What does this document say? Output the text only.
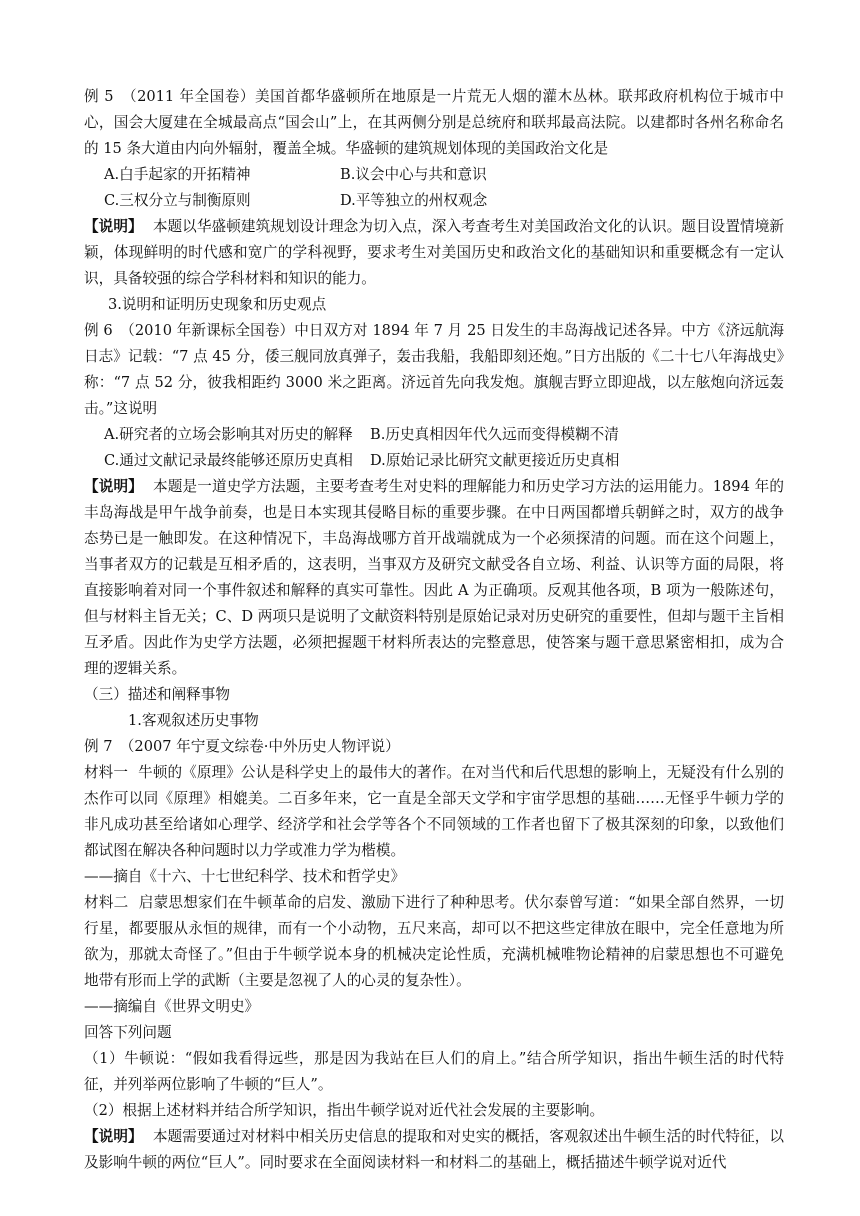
例 5　（2011 年全国卷）美国首都华盛顿所在地原是一片荒无人烟的灌木丛林。联邦政府机构位于城市中心，国会大厦建在全城最高点“国会山”上，在其两侧分别是总统府和联邦最高法院。以建都时各州名称命名的 15 条大道由内向外辐射，覆盖全城。华盛顿的建筑规划体现的美国政治文化是

A.白手起家的开拓精神	B.议会中心与共和意识
C.三权分立与制衡原则	D.平等独立的州权观念

【说明】 本题以华盛顿建筑规划设计理念为切入点，深入考查考生对美国政治文化的认识。题目设置情境新颖，体现鲜明的时代感和宽广的学科视野，要求考生对美国历史和政治文化的基础知识和重要概念有一定认识，具备较强的综合学科材料和知识的能力。

3.说明和证明历史现象和历史观点

例 6　（2010 年新课标全国卷）中日双方对 1894 年 7 月 25 日发生的丰岛海战记述各异。中方《济远航海日志》记载：“7 点 45 分，倭三舰同放真弹子，轰击我船，我船即刻还炮。”日方出版的《二十七八年海战史》称：“7 点 52 分，彼我相距约 3000 米之距离。济远首先向我发炮。旗舰吉野立即迎战，以左舷炮向济远轰击。”这说明

A.研究者的立场会影响其对历史的解释	B.历史真相因年代久远而变得模糊不清
C.通过文献记录最终能够还原历史真相	D.原始记录比研究文献更接近历史真相

【说明】 本题是一道史学方法题，主要考查考生对史料的理解能力和历史学习方法的运用能力。1894 年的丰岛海战是甲午战争前奏，也是日本实现其侵略目标的重要步骤。在中日两国都增兵朝鲜之时，双方的战争态势已是一触即发。在这种情况下，丰岛海战哪方首开战端就成为一个必须探清的问题。而在这个问题上，当事者双方的记载是互相矛盾的，这表明，当事双方及研究文献受各自立场、利益、认识等方面的局限，将直接影响着对同一个事件叙述和解释的真实可靠性。因此 A 为正确项。反观其他各项，B 项为一般陈述句，但与材料主旨无关；C、D 两项只是说明了文献资料特别是原始记录对历史研究的重要性，但却与题干主旨相互矛盾。因此作为史学方法题，必须把握题干材料所表达的完整意思，使答案与题干意思紧密相扣，成为合理的逻辑关系。

（三）描述和阐释事物

1.客观叙述历史事物

例 7　（2007 年宁夏文综卷·中外历史人物评说）

材料一 牛顿的《原理》公认是科学史上的最伟大的著作。在对当代和后代思想的影响上，无疑没有什么别的杰作可以同《原理》相媲美。二百多年来，它一直是全部天文学和宇宙学思想的基础……无怪乎牛顿力学的非凡成功甚至给诸如心理学、经济学和社会学等各个不同领域的工作者也留下了极其深刻的印象，以致他们都试图在解决各种问题时以力学或准力学为楷模。

——摘自《十六、十七世纪科学、技术和哲学史》

材料二 启蒙思想家们在牛顿革命的启发、激励下进行了种种思考。伏尔泰曾写道：“如果全部自然界，一切行星，都要服从永恒的规律，而有一个小动物，五尺来高，却可以不把这些定律放在眼中，完全任意地为所欲为，那就太奇怪了。”但由于牛顿学说本身的机械决定论性质，充满机械唯物论精神的启蒙思想也不可避免地带有形而上学的武断（主要是忽视了人的心灵的复杂性）。

——摘编自《世界文明史》

回答下列问题

（1）牛顿说：“假如我看得远些，那是因为我站在巨人们的肩上。”结合所学知识，指出牛顿生活的时代特征，并列举两位影响了牛顿的“巨人”。

（2）根据上述材料并结合所学知识，指出牛顿学说对近代社会发展的主要影响。

【说明】 本题需要通过对材料中相关历史信息的提取和对史实的概括，客观叙述出牛顿生活的时代特征，以及影响牛顿的两位“巨人”。同时要求在全面阅读材料一和材料二的基础上，概括描述牛顿学说对近代
